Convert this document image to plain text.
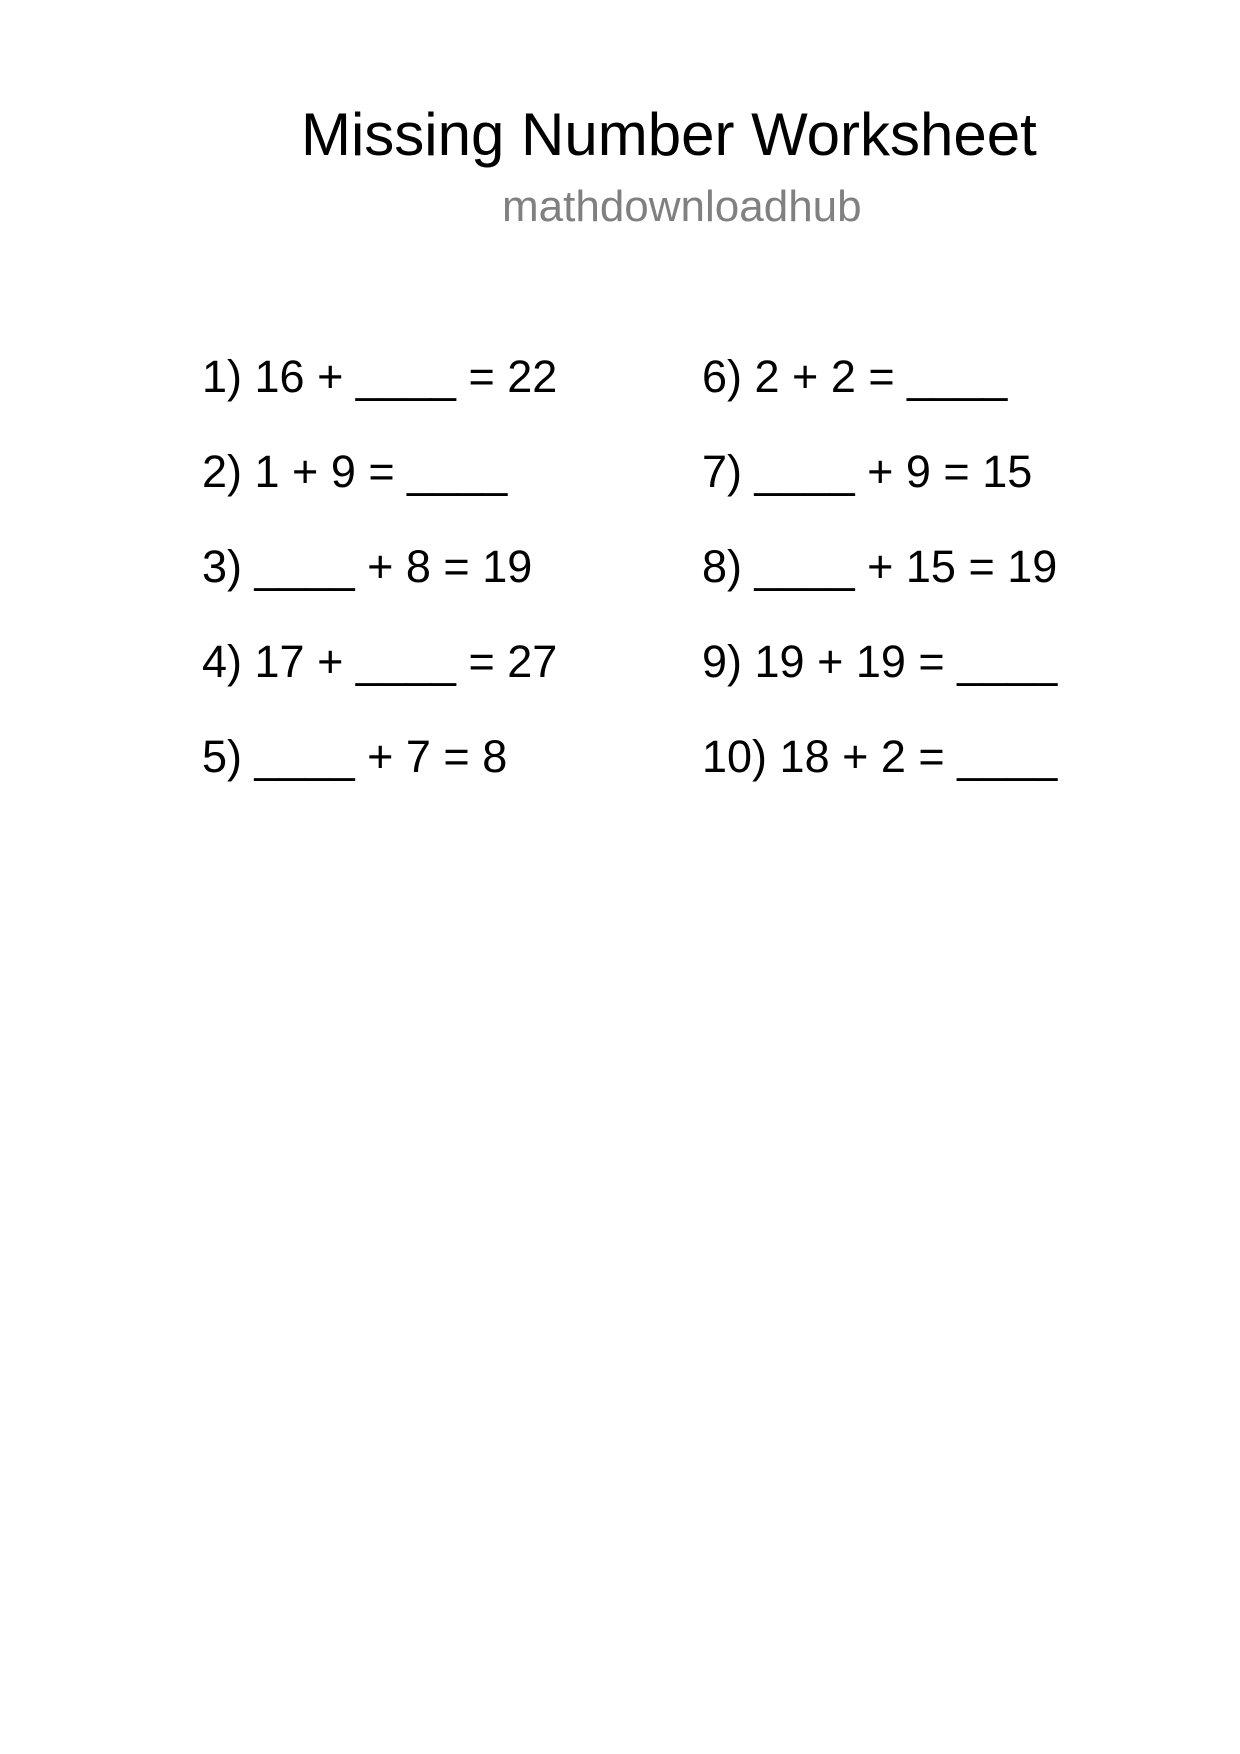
Missing Number Worksheet
mathdownloadhub
1) 16 + ____ = 22
2) 1 + 9 = ____
3) ____ + 8 = 19
4) 17 + ____ = 27
5) ____ + 7 = 8
6) 2 + 2 = ____
7) ____ + 9 = 15
8) ____ + 15 = 19
9) 19 + 19 = ____
10) 18 + 2 = ____
